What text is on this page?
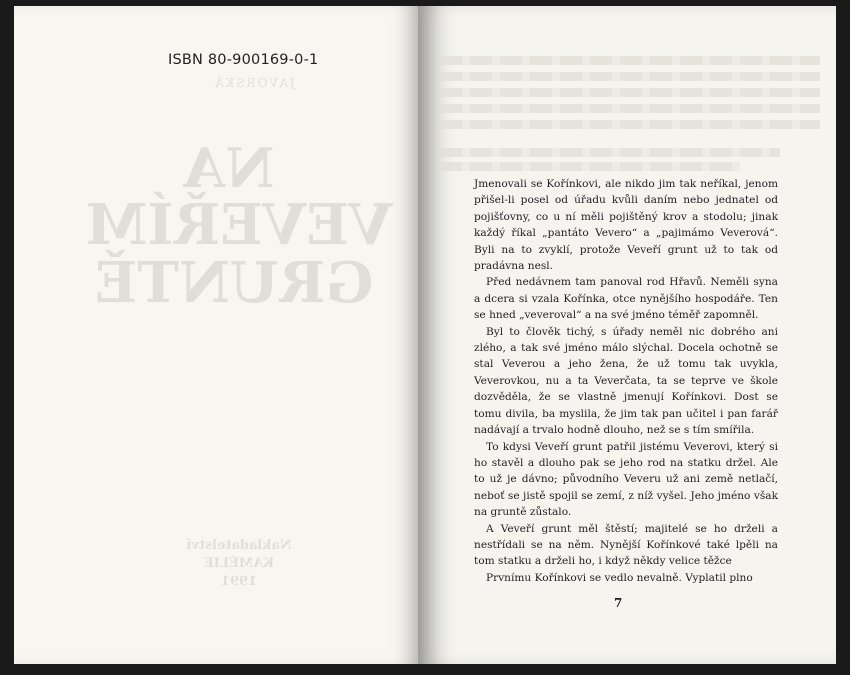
ISBN 80-900169-0-1
JAVORSKÁ
NA
VEVEŘÍM
GRUNTĚ
Nakladatelství
KAMÉLIE
1991

Jmenovali se Kořínkovi, ale nikdo jim tak neříkal, jenom přišel-li posel od úřadu kvůli daním nebo jednatel od pojišťovny, co u ní měli pojištěný krov a stodolu; jinak každý říkal „pantáto Vevero“ a „pajimámo Veverová“. Byli na to zvyklí, protože Veveří grunt už to tak od pradávna nesl.

Před nedávnem tam panoval rod Hřavů. Neměli syna a dcera si vzala Kořínka, otce nynějšího hospodáře. Ten se hned „veveroval“ a na své jméno téměř zapomněl.

Byl to člověk tichý, s úřady neměl nic dobrého ani zlého, a tak své jméno málo slýchal. Docela ochotně se stal Veverou a jeho žena, že už tomu tak uvykla, Veverovkou, nu a ta Veverčata, ta se teprve ve škole dozvěděla, že se vlastně jmenují Kořínkovi. Dost se tomu divila, ba myslila, že jim tak pan učitel i pan farář nadávají a trvalo hodně dlouho, než se s tím smířila.

To kdysi Veveří grunt patřil jistému Veverovi, který si ho stavěl a dlouho pak se jeho rod na statku držel. Ale to už je dávno; původního Veveru už ani země netlačí, neboť se jistě spojil se zemí, z níž vyšel. Jeho jméno však na gruntě zůstalo.

A Veveří grunt měl štěstí; majitelé se ho drželi a nestřídali se na něm. Nynější Kořínkové také lpěli na tom statku a drželi ho, i když někdy velice těžce

Prvnímu Kořínkovi se vedlo nevalně. Vyplatil plno

7
